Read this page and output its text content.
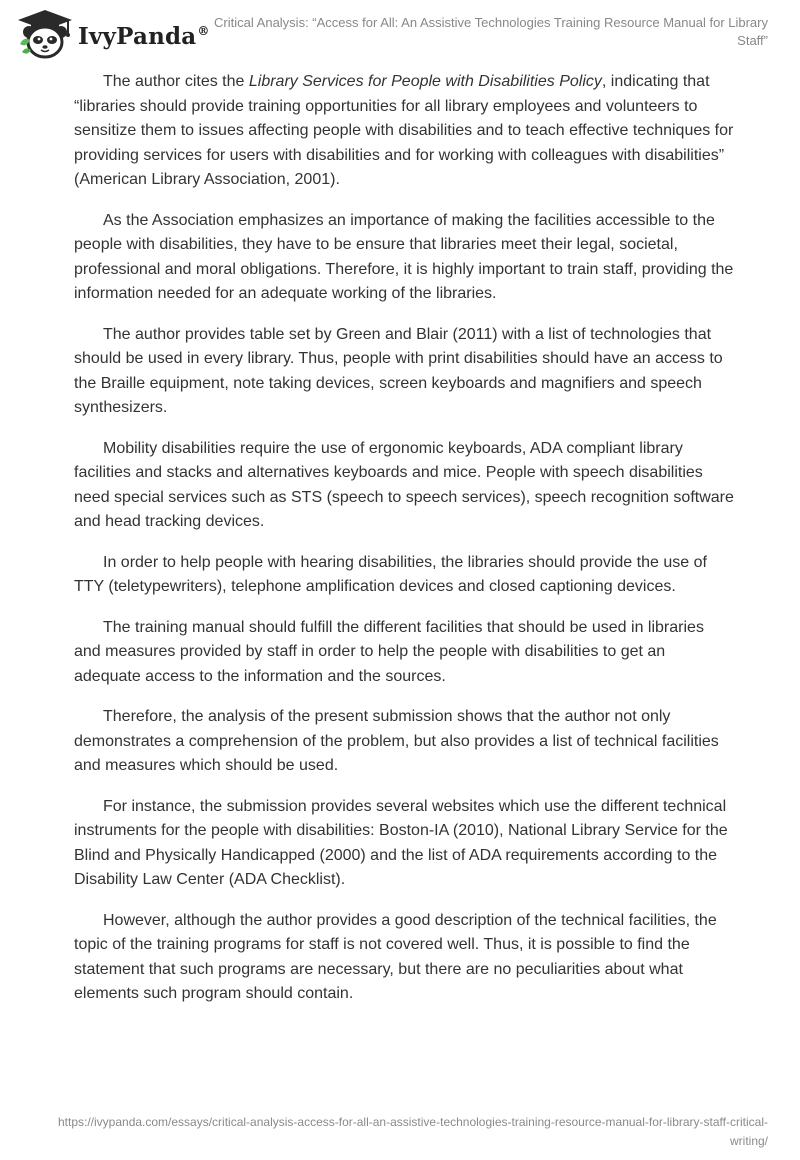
IvyPanda®
Critical Analysis: “Access for All: An Assistive Technologies Training Resource Manual for Library Staff”

The author cites the Library Services for People with Disabilities Policy, indicating that “libraries should provide training opportunities for all library employees and volunteers to sensitize them to issues affecting people with disabilities and to teach effective techniques for providing services for users with disabilities and for working with colleagues with disabilities” (American Library Association, 2001).

As the Association emphasizes an importance of making the facilities accessible to the people with disabilities, they have to be ensure that libraries meet their legal, societal, professional and moral obligations. Therefore, it is highly important to train staff, providing the information needed for an adequate working of the libraries.

The author provides table set by Green and Blair (2011) with a list of technologies that should be used in every library. Thus, people with print disabilities should have an access to the Braille equipment, note taking devices, screen keyboards and magnifiers and speech synthesizers.

Mobility disabilities require the use of ergonomic keyboards, ADA compliant library facilities and stacks and alternatives keyboards and mice. People with speech disabilities need special services such as STS (speech to speech services), speech recognition software and head tracking devices.

In order to help people with hearing disabilities, the libraries should provide the use of TTY (teletypewriters), telephone amplification devices and closed captioning devices.

The training manual should fulfill the different facilities that should be used in libraries and measures provided by staff in order to help the people with disabilities to get an adequate access to the information and the sources.

Therefore, the analysis of the present submission shows that the author not only demonstrates a comprehension of the problem, but also provides a list of technical facilities and measures which should be used.

For instance, the submission provides several websites which use the different technical instruments for the people with disabilities: Boston-IA (2010), National Library Service for the Blind and Physically Handicapped (2000) and the list of ADA requirements according to the Disability Law Center (ADA Checklist).

However, although the author provides a good description of the technical facilities, the topic of the training programs for staff is not covered well. Thus, it is possible to find the statement that such programs are necessary, but there are no peculiarities about what elements such program should contain.

https://ivypanda.com/essays/critical-analysis-access-for-all-an-assistive-technologies-training-resource-manual-for-library-staff-critical-writing/
